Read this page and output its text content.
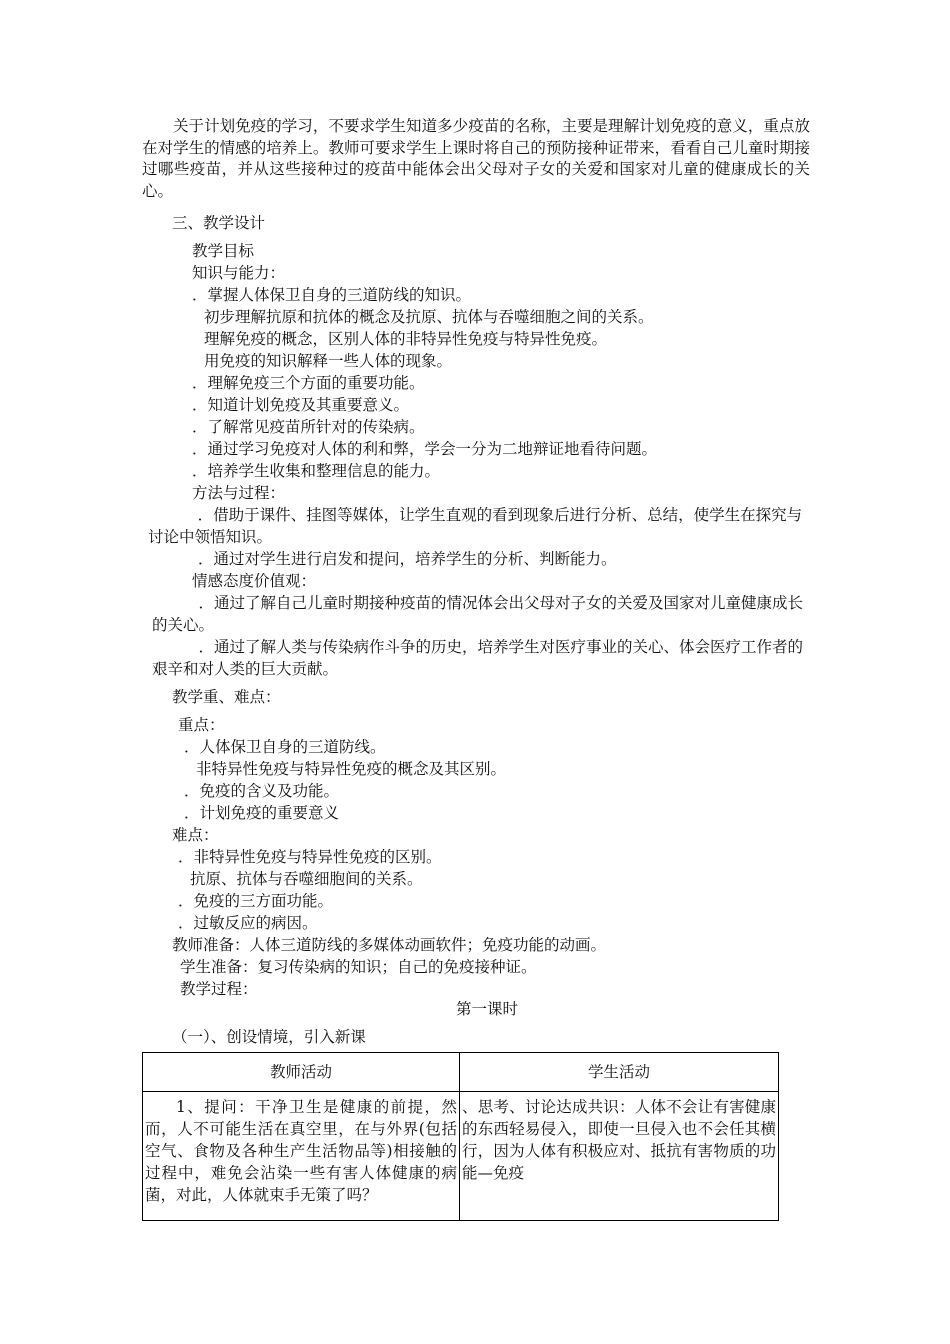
关于计划免疫的学习，不要求学生知道多少疫苗的名称，主要是理解计划免疫的意义，重点放在对学生的情感的培养上。教师可要求学生上课时将自己的预防接种证带来，看看自己儿童时期接过哪些疫苗，并从这些接种过的疫苗中能体会出父母对子女的关爱和国家对儿童的健康成长的关心。
三、教学设计
教学目标
知识与能力：
．掌握人体保卫自身的三道防线的知识。
初步理解抗原和抗体的概念及抗原、抗体与吞噬细胞之间的关系。
理解免疫的概念，区别人体的非特异性免疫与特异性免疫。
用免疫的知识解释一些人体的现象。
．理解免疫三个方面的重要功能。
．知道计划免疫及其重要意义。
．了解常见疫苗所针对的传染病。
．通过学习免疫对人体的利和弊，学会一分为二地辩证地看待问题。
．培养学生收集和整理信息的能力。
方法与过程：
．借助于课件、挂图等媒体，让学生直观的看到现象后进行分析、总结，使学生在探究与讨论中领悟知识。
．通过对学生进行启发和提问，培养学生的分析、判断能力。
情感态度价值观：
．通过了解自己儿童时期接种疫苗的情况体会出父母对子女的关爱及国家对儿童健康成长的关心。
．通过了解人类与传染病作斗争的历史，培养学生对医疗事业的关心、体会医疗工作者的艰辛和对人类的巨大贡献。
教学重、难点：
重点：
．人体保卫自身的三道防线。
非特异性免疫与特异性免疫的概念及其区别。
．免疫的含义及功能。
．计划免疫的重要意义
难点：
．非特异性免疫与特异性免疫的区别。
抗原、抗体与吞噬细胞间的关系。
．免疫的三方面功能。
．过敏反应的病因。
教师准备：人体三道防线的多媒体动画软件；免疫功能的动画。
学生准备：复习传染病的知识；自己的免疫接种证。
教学过程：
第一课时
（一）、创设情境，引入新课
教师活动	学生活动

1、提问：干净卫生是健康的前提，然而，人不可能生活在真空里，在与外界(包括空气、食物及各种生产生活物品等)相接触的过程中，难免会沾染一些有害人体健康的病菌，对此，人体就束手无策了吗？	、思考、讨论达成共识：人体不会让有害健康的东西轻易侵入，即使一旦侵入也不会任其横行，因为人体有积极应对、抵抗有害物质的功能—免疫
